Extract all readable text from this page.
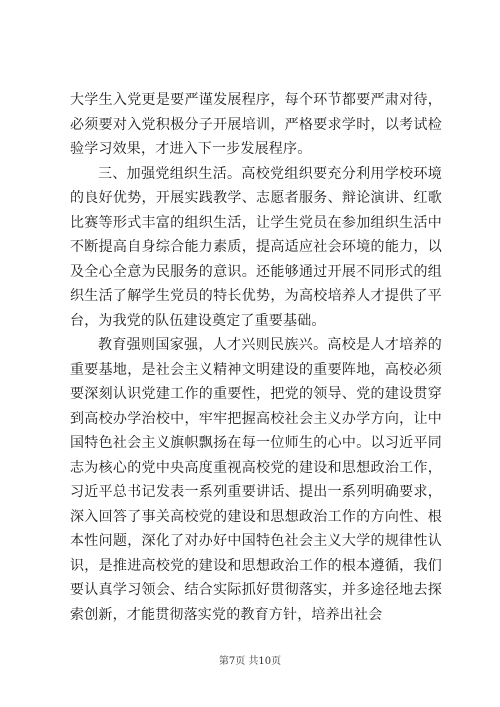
大学生入党更是要严谨发展程序，每个环节都要严肃对待，必须要对入党积极分子开展培训，严格要求学时，以考试检验学习效果，才进入下一步发展程序。

三、加强党组织生活。高校党组织要充分利用学校环境的良好优势，开展实践教学、志愿者服务、辩论演讲、红歌比赛等形式丰富的组织生活，让学生党员在参加组织生活中不断提高自身综合能力素质，提高适应社会环境的能力，以及全心全意为民服务的意识。还能够通过开展不同形式的组织生活了解学生党员的特长优势，为高校培养人才提供了平台，为我党的队伍建设奠定了重要基础。

教育强则国家强，人才兴则民族兴。高校是人才培养的重要基地，是社会主义精神文明建设的重要阵地，高校必须要深刻认识党建工作的重要性，把党的领导、党的建设贯穿到高校办学治校中，牢牢把握高校社会主义办学方向，让中国特色社会主义旗帜飘扬在每一位师生的心中。以习近平同志为核心的党中央高度重视高校党的建设和思想政治工作，习近平总书记发表一系列重要讲话、提出一系列明确要求，深入回答了事关高校党的建设和思想政治工作的方向性、根本性问题，深化了对办好中国特色社会主义大学的规律性认识，是推进高校党的建设和思想政治工作的根本遵循，我们要认真学习领会、结合实际抓好贯彻落实，并多途径地去探索创新，才能贯彻落实党的教育方针，培养出社会

第7页 共10页
